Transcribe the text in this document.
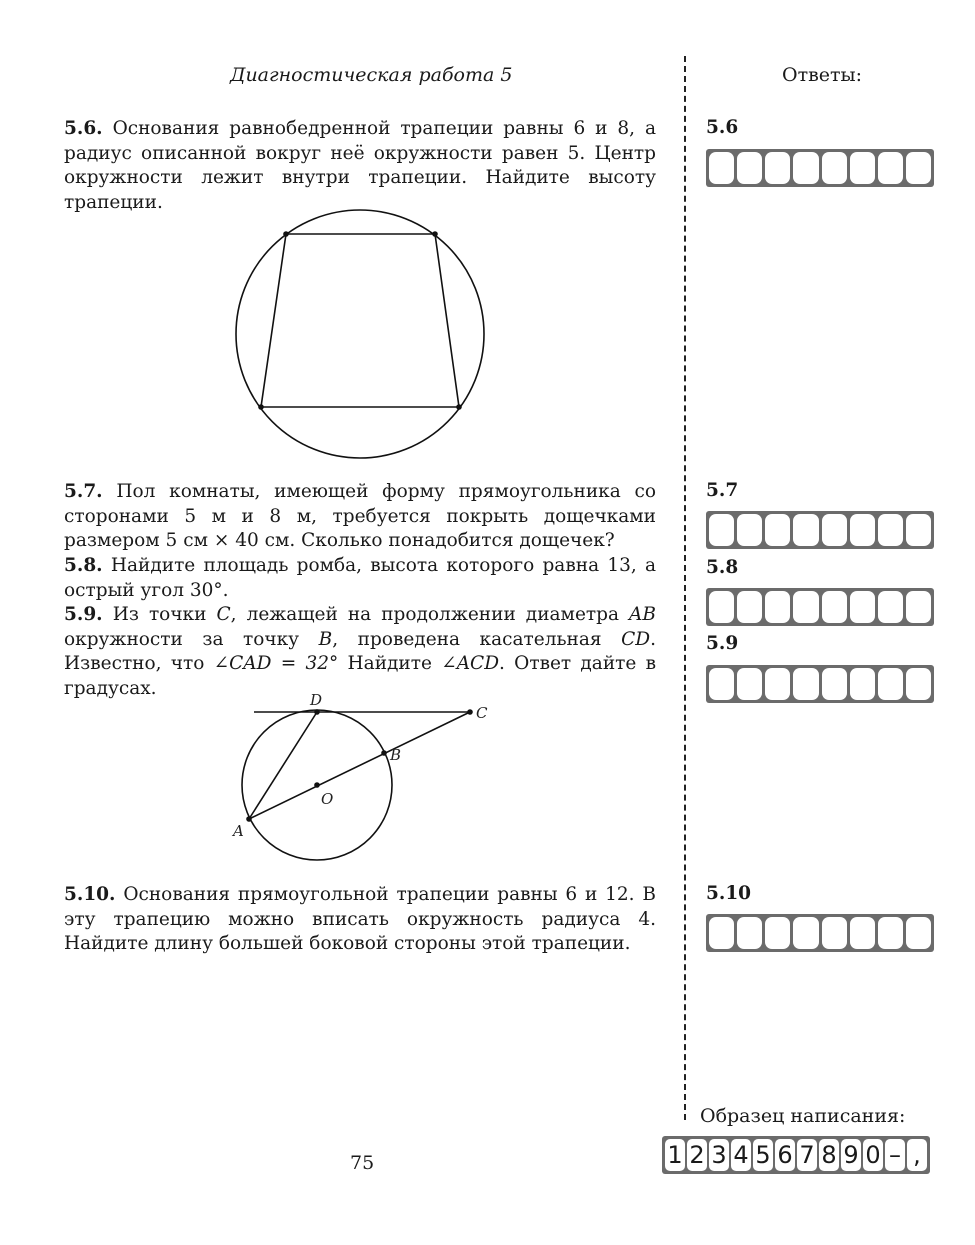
Диагностическая работа 5	Ответы:

5.6. Основания равнобедренной трапеции равны 6 и 8, а радиус описанной вокруг неё окружности равен 5. Центр окружности лежит внутри трапеции. Найдите высоту трапеции.

5.7. Пол комнаты, имеющей форму прямоугольника со сторонами 5 м и 8 м, требуется покрыть дощечками размером 5 см × 40 см. Сколько понадобится дощечек?

5.8. Найдите площадь ромба, высота которого равна 13, а острый угол 30°.

5.9. Из точки C, лежащей на продолжении диаметра AB окружности за точку B, проведена касательная CD. Известно, что ∠CAD = 32° Найдите ∠ACD. Ответ дайте в градусах.

D
C
B
O
A

5.10. Основания прямоугольной трапеции равны 6 и 12. В эту трапецию можно вписать окружность радиуса 4. Найдите длину большей боковой стороны этой трапеции.

5.6
5.7
5.8
5.9
5.10
Образец написания:
1 2 3 4 5 6 7 8 9 0 – ,
75
